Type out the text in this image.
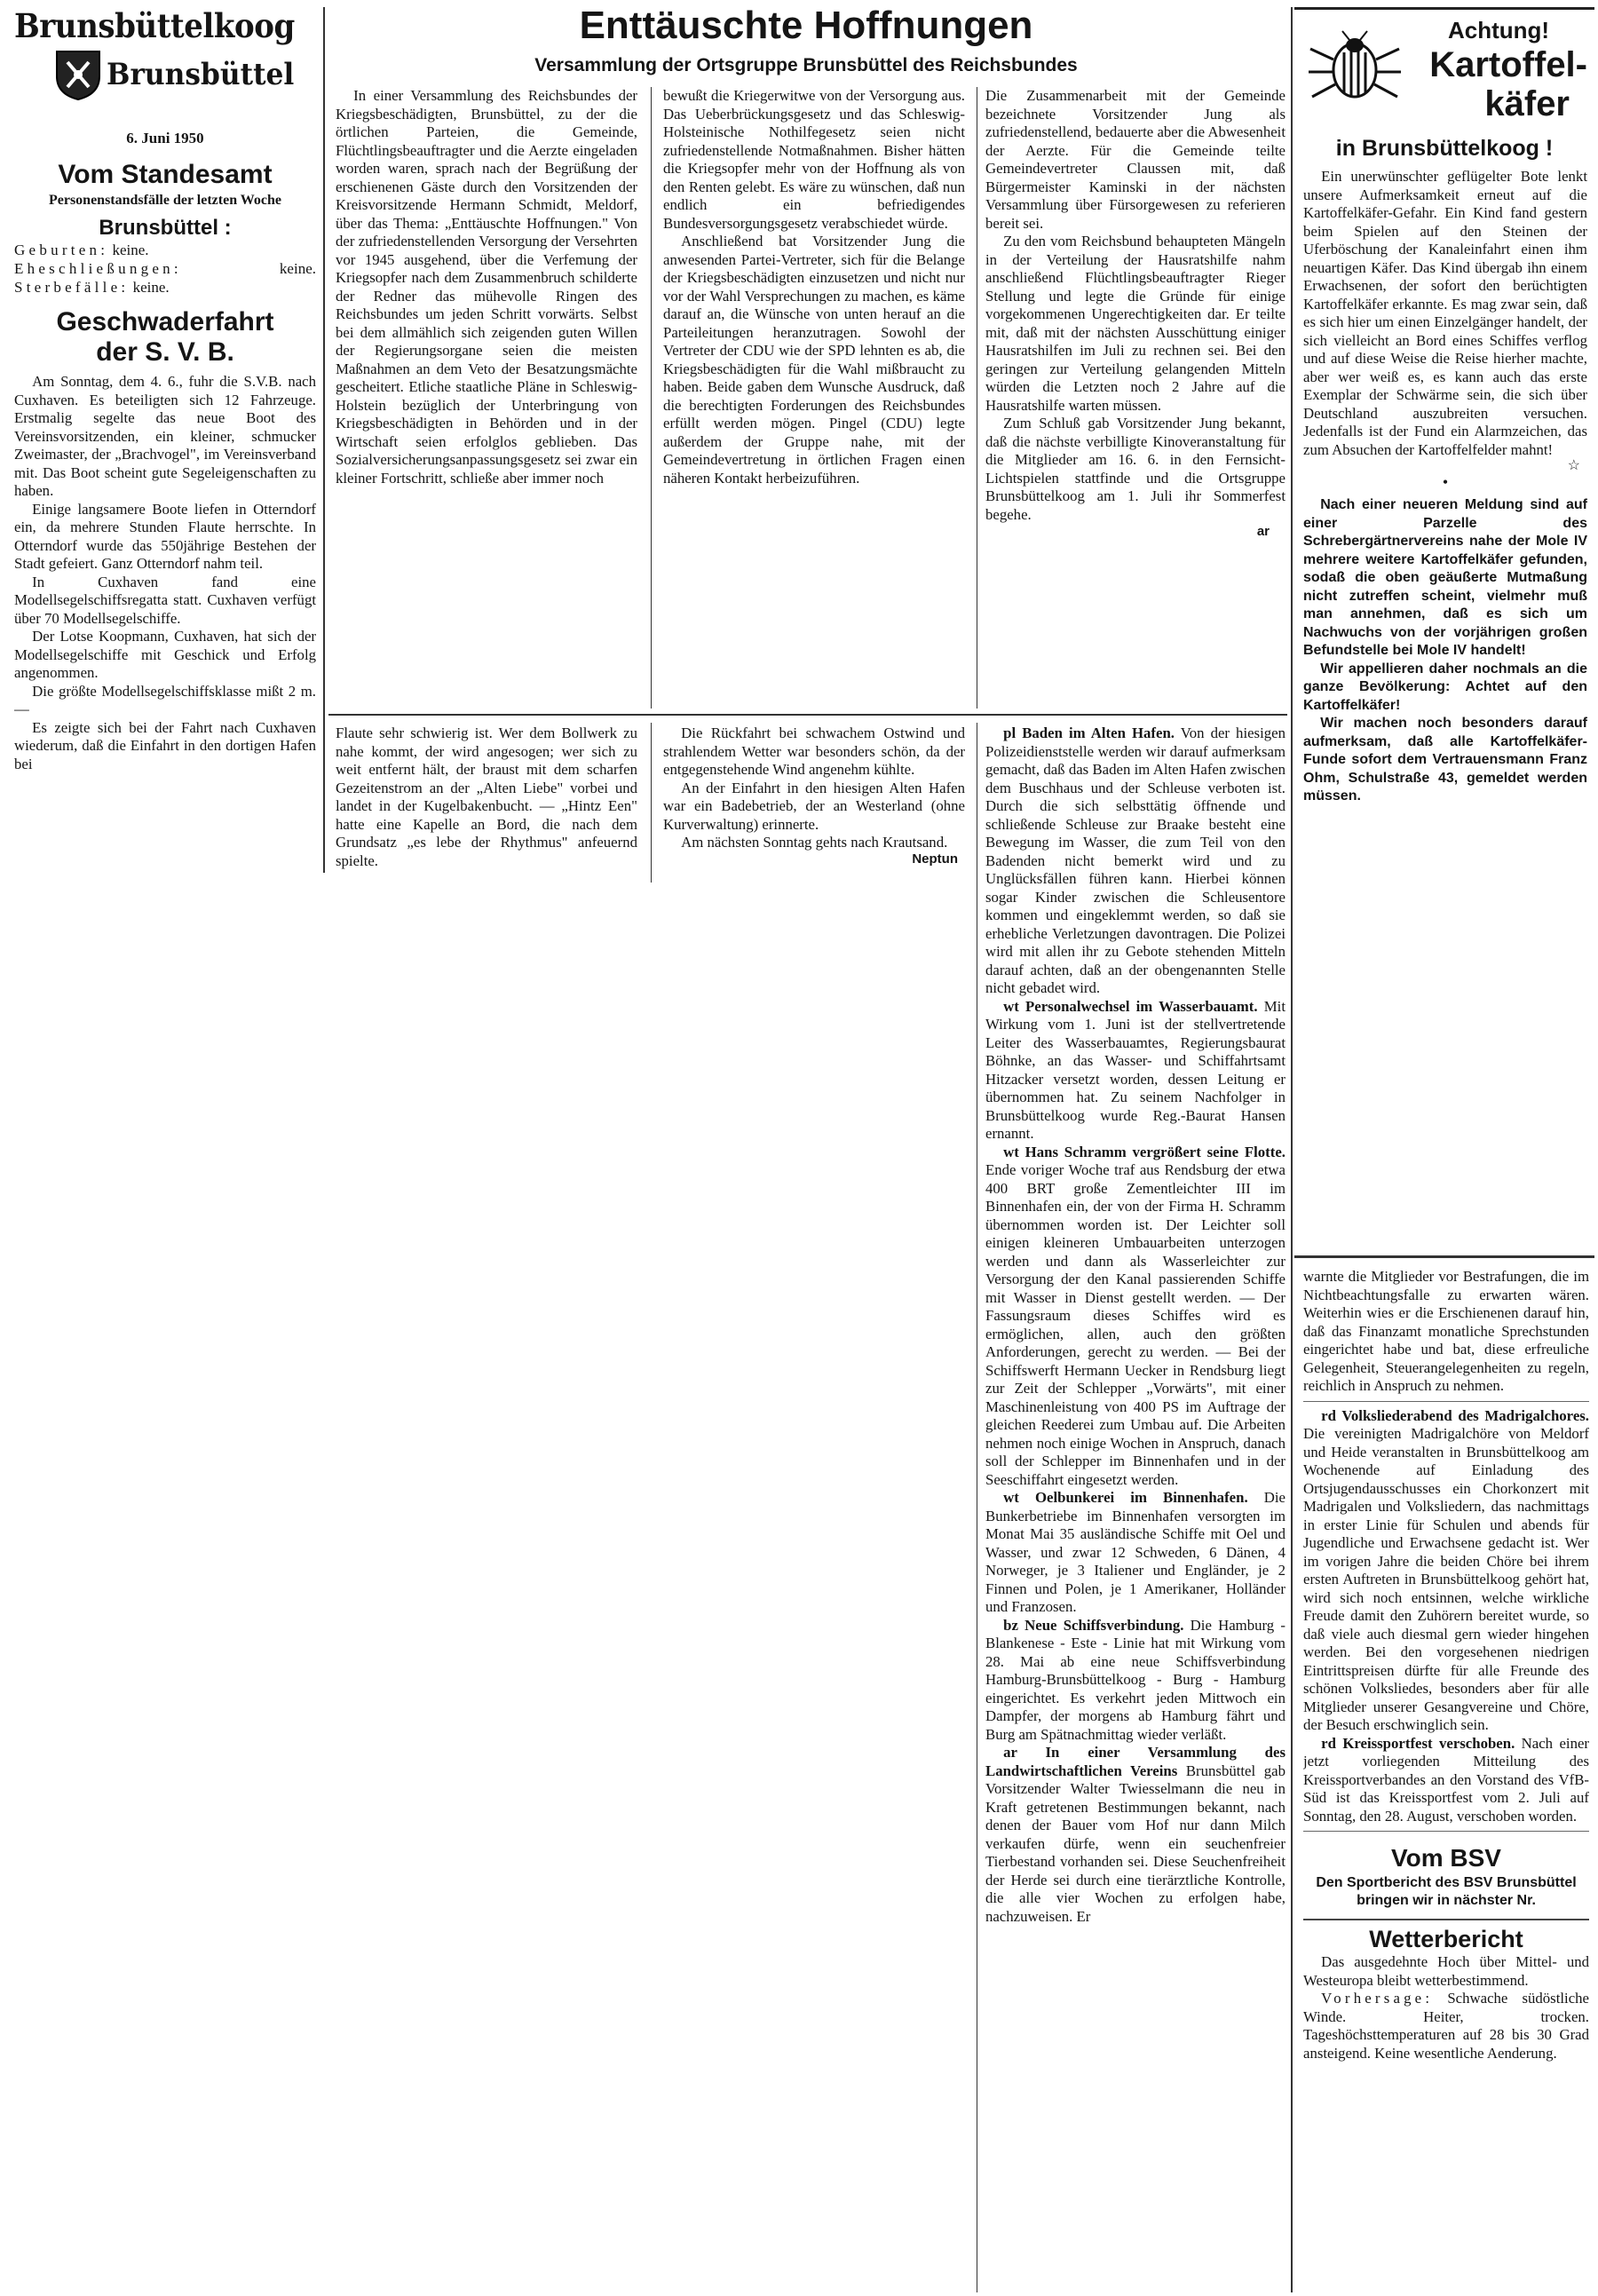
Brunsbüttelkoog
Brunsbüttel
6. Juni 1950
Vom Standesamt
Personenstandsfälle der letzten Woche
Brunsbüttel :
Geburten: keine.
Eheschließungen:	keine.
Sterbefälle: keine.
Geschwaderfahrt
der S. V. B.

Am Sonntag, dem 4. 6., fuhr die S.V.B. nach Cuxhaven. Es beteiligten sich 12 Fahrzeuge. Erstmalig segelte das neue Boot des Vereinsvorsitzenden, ein kleiner, schmucker Zweimaster, der „Brachvogel", im Vereinsverband mit. Das Boot scheint gute Segeleigenschaften zu haben.

Einige langsamere Boote liefen in Otterndorf ein, da mehrere Stunden Flaute herrschte. In Otterndorf wurde das 550jährige Bestehen der Stadt gefeiert. Ganz Otterndorf nahm teil.

In Cuxhaven fand eine Modellsegelschiffsregatta statt. Cuxhaven verfügt über 70 Modellsegelschiffe.

Der Lotse Koopmann, Cuxhaven, hat sich der Modellsegelschiffe mit Geschick und Erfolg angenommen.

Die größte Modellsegelschiffsklasse mißt 2 m. —

Es zeigte sich bei der Fahrt nach Cuxhaven wiederum, daß die Einfahrt in den dortigen Hafen bei

Enttäuschte Hoffnungen
Versammlung der Ortsgruppe Brunsbüttel des Reichsbundes

In einer Versammlung des Reichsbundes der Kriegsbeschädigten, Brunsbüttel, zu der die örtlichen Parteien, die Gemeinde, Flüchtlingsbeauftragter und die Aerzte eingeladen worden waren, sprach nach der Begrüßung der erschienenen Gäste durch den Vorsitzenden der Kreisvorsitzende Hermann Schmidt, Meldorf, über das Thema: „Enttäuschte Hoffnungen." Von der zufriedenstellenden Versorgung der Versehrten vor 1945 ausgehend, über die Verfemung der Kriegsopfer nach dem Zusammenbruch schilderte der Redner das mühevolle Ringen des Reichsbundes um jeden Schritt vorwärts. Selbst bei dem allmählich sich zeigenden guten Willen der Regierungsorgane seien die meisten Maßnahmen an dem Veto der Besatzungsmächte gescheitert. Etliche staatliche Pläne in Schleswig-Holstein bezüglich der Unterbringung von Kriegsbeschädigten in Behörden und in der Wirtschaft seien erfolglos geblieben. Das Sozialversicherungsanpassungsgesetz sei zwar ein kleiner Fortschritt, schließe aber immer noch

bewußt die Kriegerwitwe von der Versorgung aus. Das Ueberbrückungsgesetz und das Schleswig-Holsteinische Nothilfegesetz seien nicht zufriedenstellende Notmaßnahmen. Bisher hätten die Kriegsopfer mehr von der Hoffnung als von den Renten gelebt. Es wäre zu wünschen, daß nun endlich ein befriedigendes Bundesversorgungsgesetz verabschiedet würde.

Anschließend bat Vorsitzender Jung die anwesenden Partei-Vertreter, sich für die Belange der Kriegsbeschädigten einzusetzen und nicht nur vor der Wahl Versprechungen zu machen, es käme darauf an, die Wünsche von unten herauf an die Parteileitungen heranzutragen. Sowohl der Vertreter der CDU wie der SPD lehnten es ab, die Kriegsbeschädigten für die Wahl mißbraucht zu haben. Beide gaben dem Wunsche Ausdruck, daß die berechtigten Forderungen des Reichsbundes erfüllt werden mögen. Pingel (CDU) legte außerdem der Gruppe nahe, mit der Gemeindevertretung in örtlichen Fragen einen näheren Kontakt herbeizuführen.

Die Zusammenarbeit mit der Gemeinde bezeichnete Vorsitzender Jung als zufriedenstellend, bedauerte aber die Abwesenheit der Aerzte. Für die Gemeinde teilte Gemeindevertreter Claussen mit, daß Bürgermeister Kaminski in der nächsten Versammlung über Fürsorgewesen zu referieren bereit sei.

Zu den vom Reichsbund behaupteten Mängeln in der Verteilung der Hausratshilfe nahm anschließend Flüchtlingsbeauftragter Rieger Stellung und legte die Gründe für einige vorgekommenen Ungerechtigkeiten dar. Er teilte mit, daß mit der nächsten Ausschüttung einiger Hausratshilfen im Juli zu rechnen sei. Bei den geringen zur Verteilung gelangenden Mitteln würden die Letzten noch 2 Jahre auf die Hausratshilfe warten müssen.

Zum Schluß gab Vorsitzender Jung bekannt, daß die nächste verbilligte Kinoveranstaltung für die Mitglieder am 16. 6. in den Fernsicht-Lichtspielen stattfinde und die Ortsgruppe Brunsbüttelkoog am 1. Juli ihr Sommerfest begehe.

ar

Flaute sehr schwierig ist. Wer dem Bollwerk zu nahe kommt, der wird angesogen; wer sich zu weit entfernt hält, der braust mit dem scharfen Gezeitenstrom an der „Alten Liebe" vorbei und landet in der Kugelbakenbucht. — „Hintz Een" hatte eine Kapelle an Bord, die nach dem Grundsatz „es lebe der Rhythmus" anfeuernd spielte.

Die Rückfahrt bei schwachem Ostwind und strahlendem Wetter war besonders schön, da der entgegenstehende Wind angenehm kühlte.

An der Einfahrt in den hiesigen Alten Hafen war ein Badebetrieb, der an Westerland (ohne Kurverwaltung) erinnerte.

Am nächsten Sonntag gehts nach Krautsand.

Neptun

pl Baden im Alten Hafen. Von der hiesigen Polizeidienststelle werden wir darauf aufmerksam gemacht, daß das Baden im Alten Hafen zwischen dem Buschhaus und der Schleuse verboten ist. Durch die sich selbsttätig öffnende und schließende Schleuse zur Braake besteht eine Bewegung im Wasser, die zum Teil von den Badenden nicht bemerkt wird und zu Unglücksfällen führen kann. Hierbei können sogar Kinder zwischen die Schleusentore kommen und eingeklemmt werden, so daß sie erhebliche Verletzungen davontragen. Die Polizei wird mit allen ihr zu Gebote stehenden Mitteln darauf achten, daß an der obengenannten Stelle nicht gebadet wird.

wt Personalwechsel im Wasserbauamt. Mit Wirkung vom 1. Juni ist der stellvertretende Leiter des Wasserbauamtes, Regierungsbaurat Böhnke, an das Wasser- und Schiffahrtsamt Hitzacker versetzt worden, dessen Leitung er übernommen hat. Zu seinem Nachfolger in Brunsbüttelkoog wurde Reg.-Baurat Hansen ernannt.

wt Hans Schramm vergrößert seine Flotte. Ende voriger Woche traf aus Rendsburg der etwa 400 BRT große Zementleichter III im Binnenhafen ein, der von der Firma H. Schramm übernommen worden ist. Der Leichter soll einigen kleineren Umbauarbeiten unterzogen werden und dann als Wasserleichter zur Versorgung der den Kanal passierenden Schiffe mit Wasser in Dienst gestellt werden. — Der Fassungsraum dieses Schiffes wird es ermöglichen, allen, auch den größten Anforderungen, gerecht zu werden. — Bei der Schiffswerft Hermann Uecker in Rendsburg liegt zur Zeit der Schlepper „Vorwärts", mit einer Maschinenleistung von 400 PS im Auftrage der gleichen Reederei zum Umbau auf. Die Arbeiten nehmen noch einige Wochen in Anspruch, danach soll der Schlepper im Binnenhafen und in der Seeschiffahrt eingesetzt werden.

wt Oelbunkerei im Binnenhafen. Die Bunkerbetriebe im Binnenhafen versorgten im Monat Mai 35 ausländische Schiffe mit Oel und Wasser, und zwar 12 Schweden, 6 Dänen, 4 Norweger, je 3 Italiener und Engländer, je 2 Finnen und Polen, je 1 Amerikaner, Holländer und Franzosen.

bz Neue Schiffsverbindung. Die Hamburg - Blankenese - Este - Linie hat mit Wirkung vom 28. Mai ab eine neue Schiffsverbindung Hamburg-Brunsbüttelkoog - Burg - Hamburg eingerichtet. Es verkehrt jeden Mittwoch ein Dampfer, der morgens ab Hamburg fährt und Burg am Spätnachmittag wieder verläßt.

ar In einer Versammlung des Landwirtschaftlichen Vereins Brunsbüttel gab Vorsitzender Walter Twiesselmann die neu in Kraft getretenen Bestimmungen bekannt, nach denen der Bauer vom Hof nur dann Milch verkaufen dürfe, wenn ein seuchenfreier Tierbestand vorhanden sei. Diese Seuchenfreiheit der Herde sei durch eine tierärztliche Kontrolle, die alle vier Wochen zu erfolgen habe, nachzuweisen. Er

Achtung!
Kartoffel-
käfer
in Brunsbüttelkoog !

Ein unerwünschter geflügelter Bote lenkt unsere Aufmerksamkeit erneut auf die Kartoffelkäfer-Gefahr. Ein Kind fand gestern beim Spielen auf den Steinen der Uferböschung der Kanaleinfahrt einen ihm neuartigen Käfer. Das Kind übergab ihn einem Erwachsenen, der sofort den berüchtigten Kartoffelkäfer erkannte. Es mag zwar sein, daß es sich hier um einen Einzelgänger handelt, der sich vielleicht an Bord eines Schiffes verflog und auf diese Weise die Reise hierher machte, aber wer weiß es, es kann auch das erste Exemplar der Schwärme sein, die sich über Deutschland auszubreiten versuchen. Jedenfalls ist der Fund ein Alarmzeichen, das zum Absuchen der Kartoffelfelder mahnt!

☆
•

Nach einer neueren Meldung sind auf einer Parzelle des Schrebergärtnervereins nahe der Mole IV mehrere weitere Kartoffelkäfer gefunden, sodaß die oben geäußerte Mutmaßung nicht zutreffen scheint, vielmehr muß man annehmen, daß es sich um Nachwuchs von der vorjährigen großen Befundstelle bei Mole IV handelt!

Wir appellieren daher nochmals an die ganze Bevölkerung: Achtet auf den Kartoffelkäfer!

Wir machen noch besonders darauf aufmerksam, daß alle Kartoffelkäfer-Funde sofort dem Vertrauensmann Franz Ohm, Schulstraße 43, gemeldet werden müssen.

warnte die Mitglieder vor Bestrafungen, die im Nichtbeachtungsfalle zu erwarten wären. Weiterhin wies er die Erschienenen darauf hin, daß das Finanzamt monatliche Sprechstunden eingerichtet habe und bat, diese erfreuliche Gelegenheit, Steuerangelegenheiten zu regeln, reichlich in Anspruch zu nehmen.

rd Volksliederabend des Madrigalchores. Die vereinigten Madrigalchöre von Meldorf und Heide veranstalten in Brunsbüttelkoog am Wochenende auf Einladung des Ortsjugendausschusses ein Chorkonzert mit Madrigalen und Volksliedern, das nachmittags in erster Linie für Schulen und abends für Jugendliche und Erwachsene gedacht ist. Wer im vorigen Jahre die beiden Chöre bei ihrem ersten Auftreten in Brunsbüttelkoog gehört hat, wird sich noch entsinnen, welche wirkliche Freude damit den Zuhörern bereitet wurde, so daß viele auch diesmal gern wieder hingehen werden. Bei den vorgesehenen niedrigen Eintrittspreisen dürfte für alle Freunde des schönen Volksliedes, besonders aber für alle Mitglieder unserer Gesangvereine und Chöre, der Besuch erschwinglich sein.

rd Kreissportfest verschoben. Nach einer jetzt vorliegenden Mitteilung des Kreissportverbandes an den Vorstand des VfB-Süd ist das Kreissportfest vom 2. Juli auf Sonntag, den 28. August, verschoben worden.

Vom BSV
Den Sportbericht des BSV Brunsbüttel bringen wir in nächster Nr.
Wetterbericht

Das ausgedehnte Hoch über Mittel- und Westeuropa bleibt wetterbestimmend.

Vorhersage: Schwache südöstliche Winde. Heiter, trocken. Tageshöchsttemperaturen auf 28 bis 30 Grad ansteigend. Keine wesentliche Aenderung.
